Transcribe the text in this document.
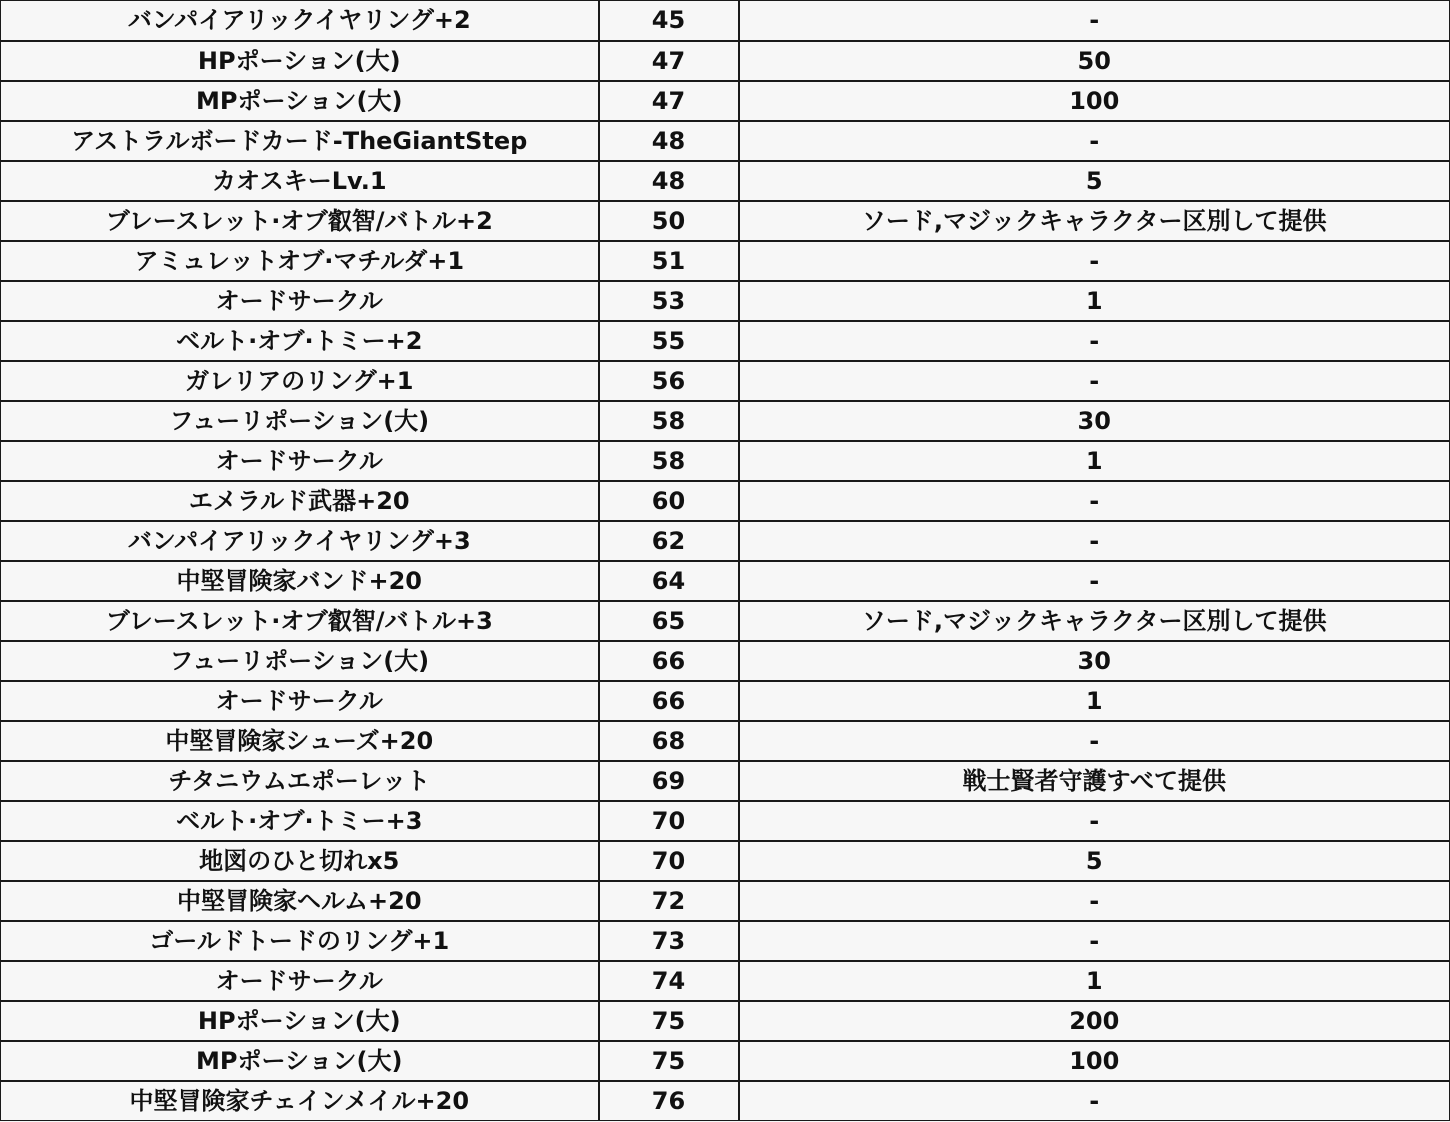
バンパイアリックイヤリング+2	45	-
HPポーション(大)	47	50
MPポーション(大)	47	100
アストラルボードカード-TheGiantStep	48	-
カオスキーLv.1	48	5
ブレースレット·オブ叡智/バトル+2	50	ソード,マジックキャラクター区別して提供
アミュレットオブ·マチルダ+1	51	-
オードサークル	53	1
ベルト·オブ·トミー+2	55	-
ガレリアのリング+1	56	-
フューリポーション(大)	58	30
オードサークル	58	1
エメラルド武器+20	60	-
バンパイアリックイヤリング+3	62	-
中堅冒険家バンド+20	64	-
ブレースレット·オブ叡智/バトル+3	65	ソード,マジックキャラクター区別して提供
フューリポーション(大)	66	30
オードサークル	66	1
中堅冒険家シューズ+20	68	-
チタニウムエポーレット	69	戦士賢者守護すべて提供
ベルト·オブ·トミー+3	70	-
地図のひと切れx5	70	5
中堅冒険家ヘルム+20	72	-
ゴールドトードのリング+1	73	-
オードサークル	74	1
HPポーション(大)	75	200
MPポーション(大)	75	100
中堅冒険家チェインメイル+20	76	-
